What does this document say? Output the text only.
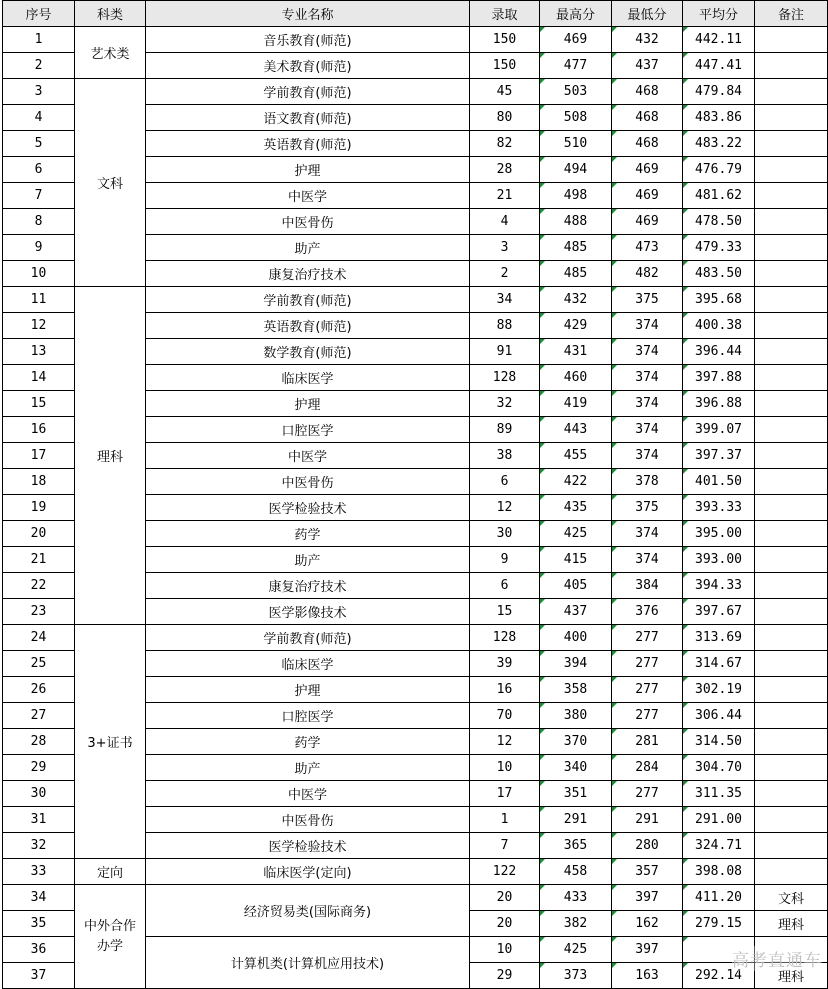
序号	科类	专业名称	录取	最高分	最低分	平均分	备注
1	艺术类	音乐教育(师范)	150	469	432	442.11	
2		美术教育(师范)	150	477	437	447.41	
3	文科	学前教育(师范)	45	503	468	479.84	
4		语文教育(师范)	80	508	468	483.86	
5		英语教育(师范)	82	510	468	483.22	
6		护理	28	494	469	476.79	
7		中医学	21	498	469	481.62	
8		中医骨伤	4	488	469	478.50	
9		助产	3	485	473	479.33	
10		康复治疗技术	2	485	482	483.50	
11	理科	学前教育(师范)	34	432	375	395.68	
12		英语教育(师范)	88	429	374	400.38	
13		数学教育(师范)	91	431	374	396.44	
14		临床医学	128	460	374	397.88	
15		护理	32	419	374	396.88	
16		口腔医学	89	443	374	399.07	
17		中医学	38	455	374	397.37	
18		中医骨伤	6	422	378	401.50	
19		医学检验技术	12	435	375	393.33	
20		药学	30	425	374	395.00	
21		助产	9	415	374	393.00	
22		康复治疗技术	6	405	384	394.33	
23		医学影像技术	15	437	376	397.67	
24	3+证书	学前教育(师范)	128	400	277	313.69	
25		临床医学	39	394	277	314.67	
26		护理	16	358	277	302.19	
27		口腔医学	70	380	277	306.44	
28		药学	12	370	281	314.50	
29		助产	10	340	284	304.70	
30		中医学	17	351	277	311.35	
31		中医骨伤	1	291	291	291.00	
32		医学检验技术	7	365	280	324.71	
33	定向	临床医学(定向)	122	458	357	398.08	
34	中外合作办学	经济贸易类(国际商务)	20	433	397	411.20	文科
35			20	382	162	279.15	理科
36		计算机类(计算机应用技术)	10	425	397		
37			29	373	163	292.14	理科
高考直通车
